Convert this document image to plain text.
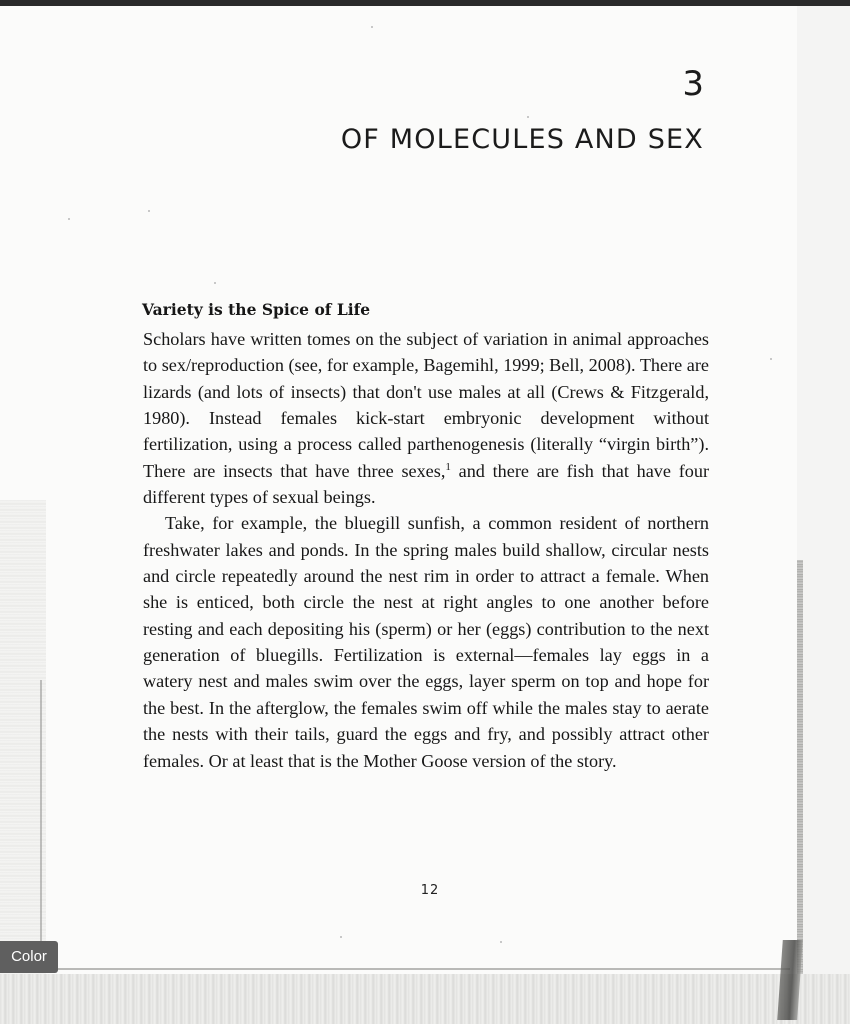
3
OF MOLECULES AND SEX
Variety is the Spice of Life

Scholars have written tomes on the subject of variation in animal approaches to sex/reproduction (see, for example, Bagemihl, 1999; Bell, 2008). There are lizards (and lots of insects) that don't use males at all (Crews & Fitzgerald, 1980). Instead females kick-start embryonic development without fertilization, using a process called parthenogenesis (literally “virgin birth”). There are insects that have three sexes,$^1$ and there are fish that have four different types of sexual beings.

Take, for example, the bluegill sunfish, a common resident of northern freshwater lakes and ponds. In the spring males build shallow, circular nests and circle repeatedly around the nest rim in order to attract a female. When she is enticed, both circle the nest at right angles to one another before resting and each depositing his (sperm) or her (eggs) contribution to the next generation of bluegills. Fertilization is external—females lay eggs in a watery nest and males swim over the eggs, layer sperm on top and hope for the best. In the afterglow, the females swim off while the males stay to aerate the nests with their tails, guard the eggs and fry, and possibly attract other females. Or at least that is the Mother Goose version of the story.

12
Color
